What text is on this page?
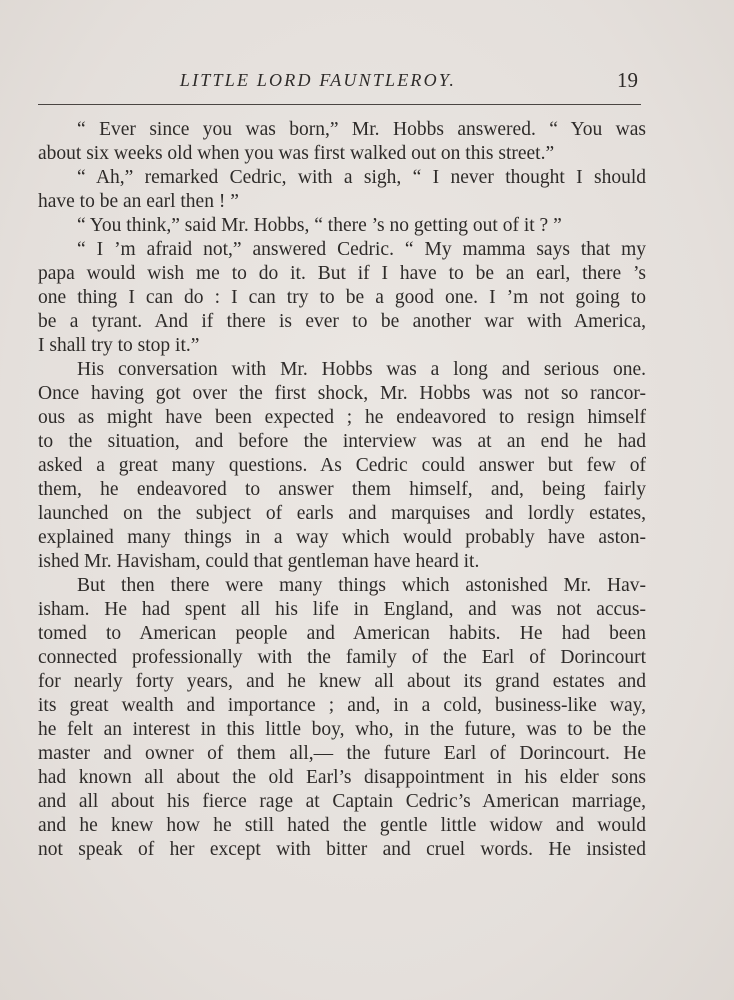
LITTLE LORD FAUNTLEROY.	19
“ Ever since you was born,” Mr. Hobbs answered. “ You was
about six weeks old when you was first walked out on this street.”
“ Ah,” remarked Cedric, with a sigh, “ I never thought I should
have to be an earl then ! ”
“ You think,” said Mr. Hobbs, “ there ’s no getting out of it ? ”
“ I ’m afraid not,” answered Cedric. “ My mamma says that my
papa would wish me to do it. But if I have to be an earl, there ’s
one thing I can do : I can try to be a good one. I ’m not going to
be a tyrant. And if there is ever to be another war with America,
I shall try to stop it.”
His conversation with Mr. Hobbs was a long and serious one.
Once having got over the first shock, Mr. Hobbs was not so rancor-
ous as might have been expected ; he endeavored to resign himself
to the situation, and before the interview was at an end he had
asked a great many questions. As Cedric could answer but few of
them, he endeavored to answer them himself, and, being fairly
launched on the subject of earls and marquises and lordly estates,
explained many things in a way which would probably have aston-
ished Mr. Havisham, could that gentleman have heard it.
But then there were many things which astonished Mr. Hav-
isham. He had spent all his life in England, and was not accus-
tomed to American people and American habits. He had been
connected professionally with the family of the Earl of Dorincourt
for nearly forty years, and he knew all about its grand estates and
its great wealth and importance ; and, in a cold, business-like way,
he felt an interest in this little boy, who, in the future, was to be the
master and owner of them all,— the future Earl of Dorincourt. He
had known all about the old Earl’s disappointment in his elder sons
and all about his fierce rage at Captain Cedric’s American marriage,
and he knew how he still hated the gentle little widow and would
not speak of her except with bitter and cruel words. He insisted
